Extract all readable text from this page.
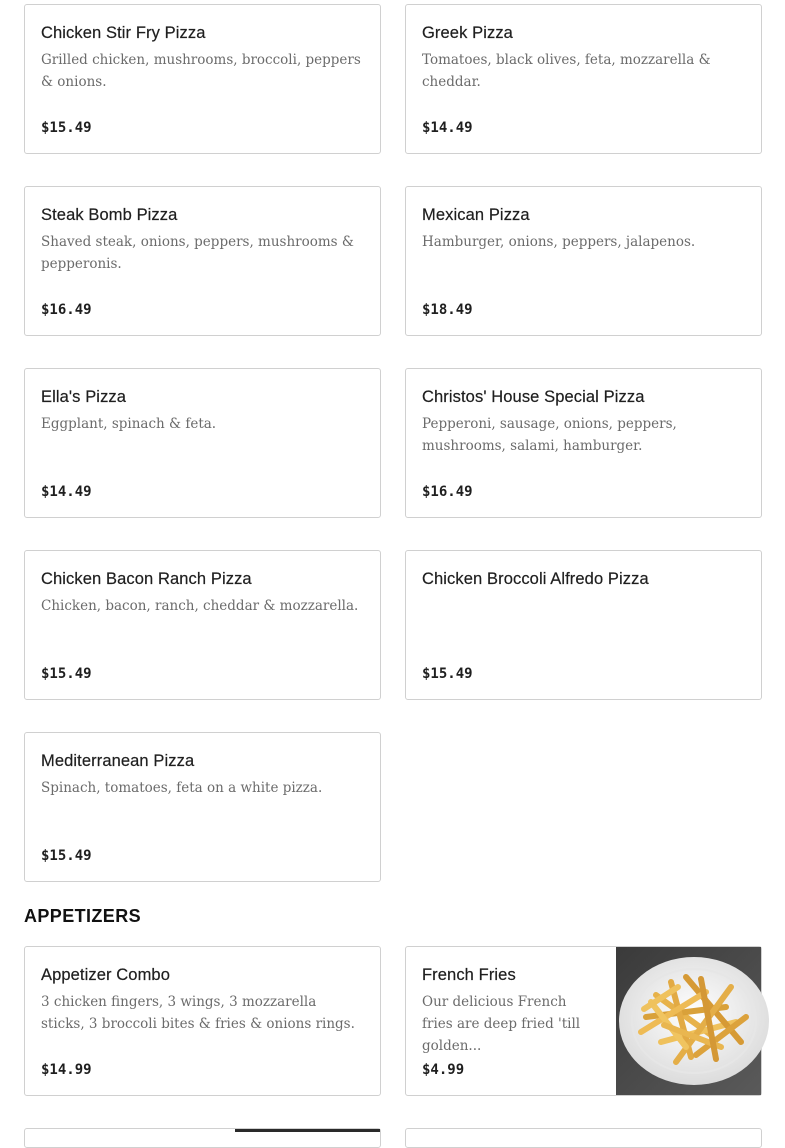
Chicken Stir Fry Pizza
Grilled chicken, mushrooms, broccoli, peppers & onions.
$15.49
Greek Pizza
Tomatoes, black olives, feta, mozzarella & cheddar.
$14.49
Steak Bomb Pizza
Shaved steak, onions, peppers, mushrooms & pepperonis.
$16.49
Mexican Pizza
Hamburger, onions, peppers, jalapenos.
$18.49
Ella's Pizza
Eggplant, spinach & feta.
$14.49
Christos' House Special Pizza
Pepperoni, sausage, onions, peppers, mushrooms, salami, hamburger.
$16.49
Chicken Bacon Ranch Pizza
Chicken, bacon, ranch, cheddar & mozzarella.
$15.49
Chicken Broccoli Alfredo Pizza
$15.49
Mediterranean Pizza
Spinach, tomatoes, feta on a white pizza.
$15.49
APPETIZERS
Appetizer Combo
3 chicken fingers, 3 wings, 3 mozzarella sticks, 3 broccoli bites & fries & onions rings.
$14.99
French Fries
Our delicious French fries are deep fried 'till golden...
$4.99
